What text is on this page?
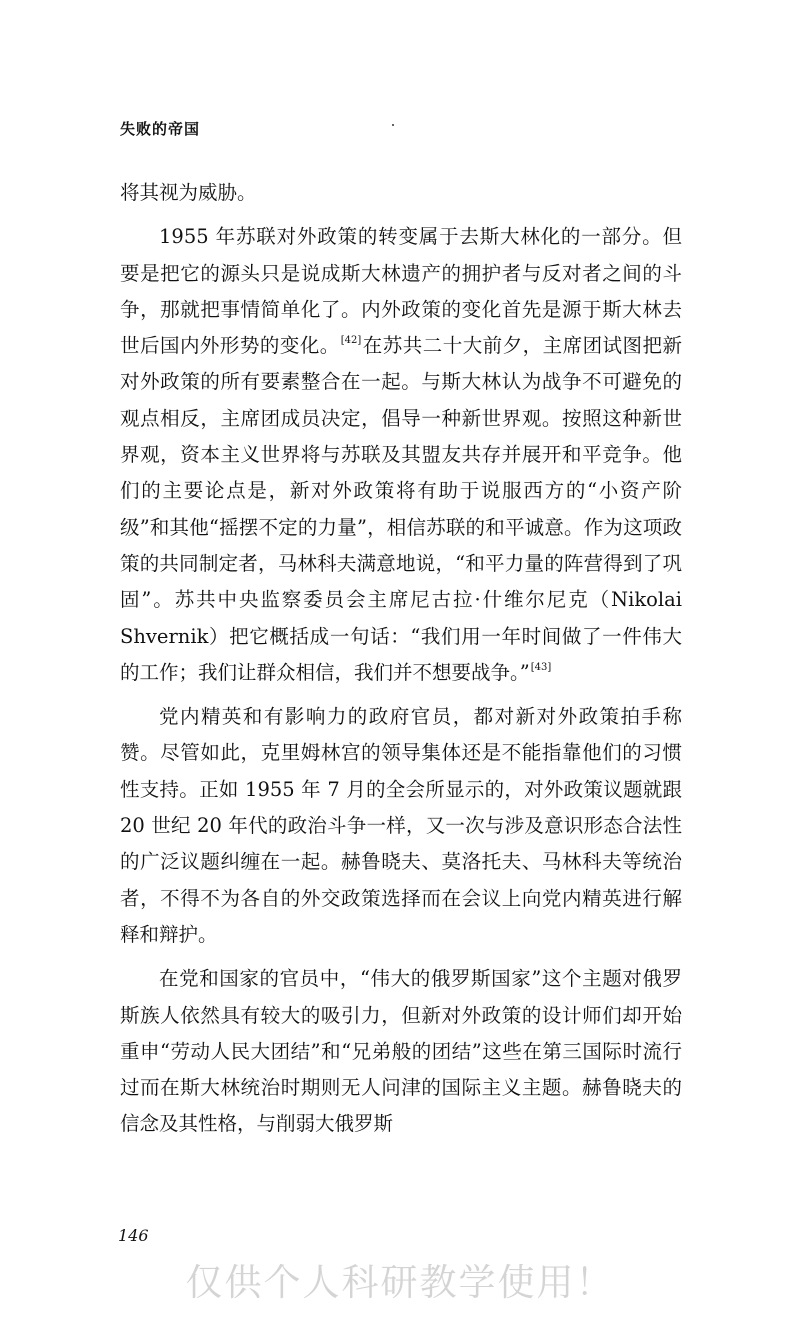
失败的帝国

将其视为威胁。

1955 年苏联对外政策的转变属于去斯大林化的一部分。但要是把它的源头只是说成斯大林遗产的拥护者与反对者之间的斗争，那就把事情简单化了。内外政策的变化首先是源于斯大林去世后国内外形势的变化。[42]在苏共二十大前夕，主席团试图把新对外政策的所有要素整合在一起。与斯大林认为战争不可避免的观点相反，主席团成员决定，倡导一种新世界观。按照这种新世界观，资本主义世界将与苏联及其盟友共存并展开和平竞争。他们的主要论点是，新对外政策将有助于说服西方的“小资产阶级”和其他“摇摆不定的力量”，相信苏联的和平诚意。作为这项政策的共同制定者，马林科夫满意地说，“和平力量的阵营得到了巩固”。苏共中央监察委员会主席尼古拉·什维尔尼克（Nikolai Shvernik）把它概括成一句话：“我们用一年时间做了一件伟大的工作；我们让群众相信，我们并不想要战争。”[43]

党内精英和有影响力的政府官员，都对新对外政策拍手称赞。尽管如此，克里姆林宫的领导集体还是不能指靠他们的习惯性支持。正如 1955 年 7 月的全会所显示的，对外政策议题就跟 20 世纪 20 年代的政治斗争一样，又一次与涉及意识形态合法性的广泛议题纠缠在一起。赫鲁晓夫、莫洛托夫、马林科夫等统治者，不得不为各自的外交政策选择而在会议上向党内精英进行解释和辩护。

在党和国家的官员中，“伟大的俄罗斯国家”这个主题对俄罗斯族人依然具有较大的吸引力，但新对外政策的设计师们却开始重申“劳动人民大团结”和“兄弟般的团结”这些在第三国际时流行过而在斯大林统治时期则无人问津的国际主义主题。赫鲁晓夫的信念及其性格，与削弱大俄罗斯

146
仅供个人科研教学使用！
